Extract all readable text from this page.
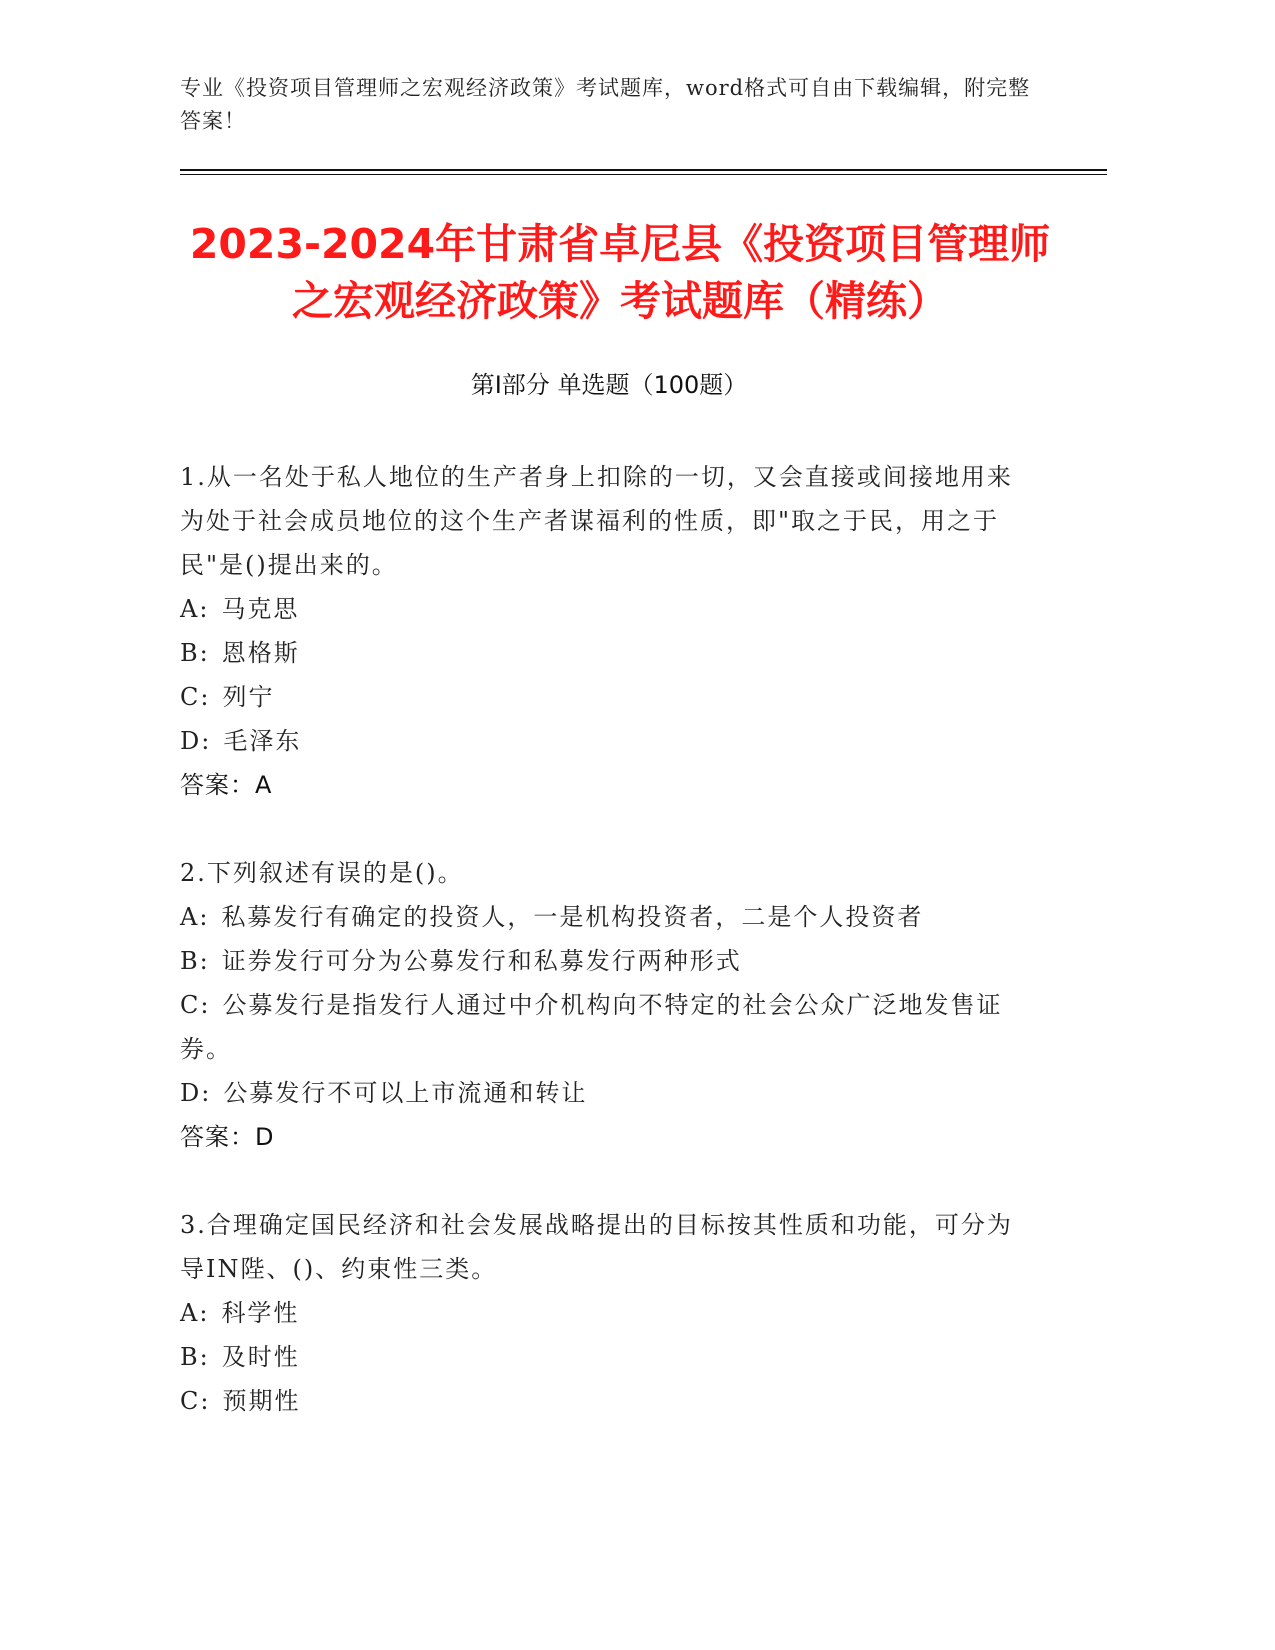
专业《投资项目管理师之宏观经济政策》考试题库，word格式可自由下载编辑，附完整答案！
2023-2024年甘肃省卓尼县《投资项目管理师之宏观经济政策》考试题库（精练）
第Ⅰ部分 单选题（100题）

1.从一名处于私人地位的生产者身上扣除的一切，又会直接或间接地用来为处于社会成员地位的这个生产者谋福利的性质，即"取之于民，用之于民"是()提出来的。

A: 马克思

B: 恩格斯

C: 列宁

D: 毛泽东

答案：A

2.下列叙述有误的是()。

A: 私募发行有确定的投资人，一是机构投资者，二是个人投资者

B: 证券发行可分为公募发行和私募发行两种形式

C: 公募发行是指发行人通过中介机构向不特定的社会公众广泛地发售证券。

D: 公募发行不可以上市流通和转让

答案：D

3.合理确定国民经济和社会发展战略提出的目标按其性质和功能，可分为导IN陛、()、约束性三类。

A: 科学性

B: 及时性

C: 预期性
